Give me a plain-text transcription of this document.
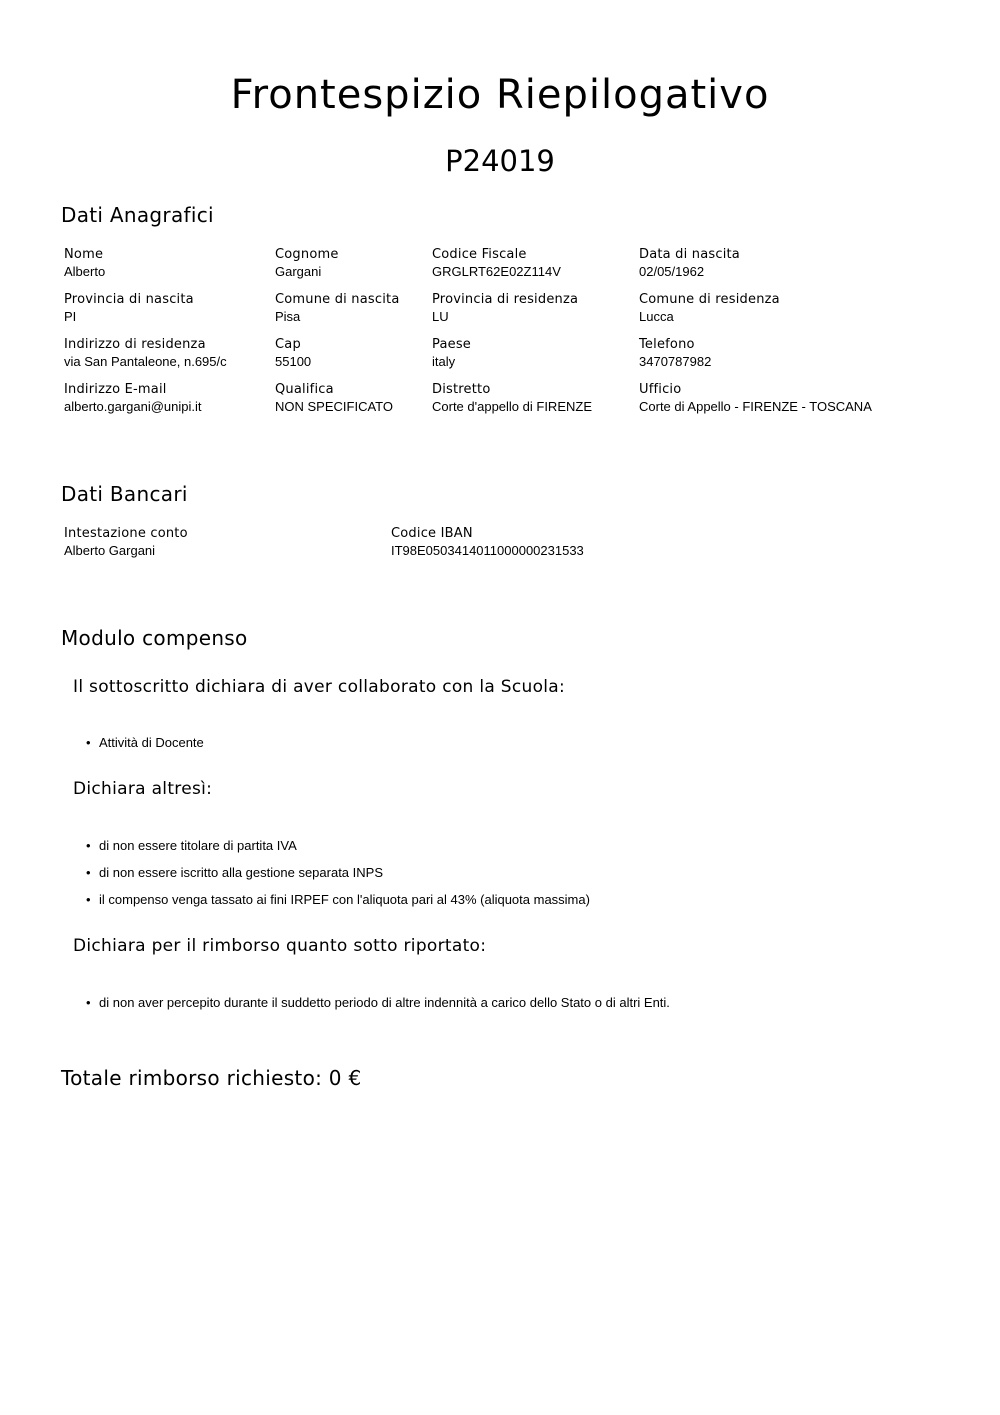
Frontespizio Riepilogativo
P24019
Dati Anagrafici
Nome
Alberto
Cognome
Gargani
Codice Fiscale
GRGLRT62E02Z114V
Data di nascita
02/05/1962
Provincia di nascita
PI
Comune di nascita
Pisa
Provincia di residenza
LU
Comune di residenza
Lucca
Indirizzo di residenza
via San Pantaleone, n.695/c
Cap
55100
Paese
italy
Telefono
3470787982
Indirizzo E-mail
alberto.gargani@unipi.it
Qualifica
NON SPECIFICATO
Distretto
Corte d'appello di FIRENZE
Ufficio
Corte di Appello - FIRENZE - TOSCANA
Dati Bancari
Intestazione conto
Alberto Gargani
Codice IBAN
IT98E0503414011000000231533
Modulo compenso
Il sottoscritto dichiara di aver collaborato con la Scuola:
• Attività di Docente
Dichiara altresì:
• di non essere titolare di partita IVA
• di non essere iscritto alla gestione separata INPS
• il compenso venga tassato ai fini IRPEF con l'aliquota pari al 43% (aliquota massima)
Dichiara per il rimborso quanto sotto riportato:
• di non aver percepito durante il suddetto periodo di altre indennità a carico dello Stato o di altri Enti.
Totale rimborso richiesto: 0 €
